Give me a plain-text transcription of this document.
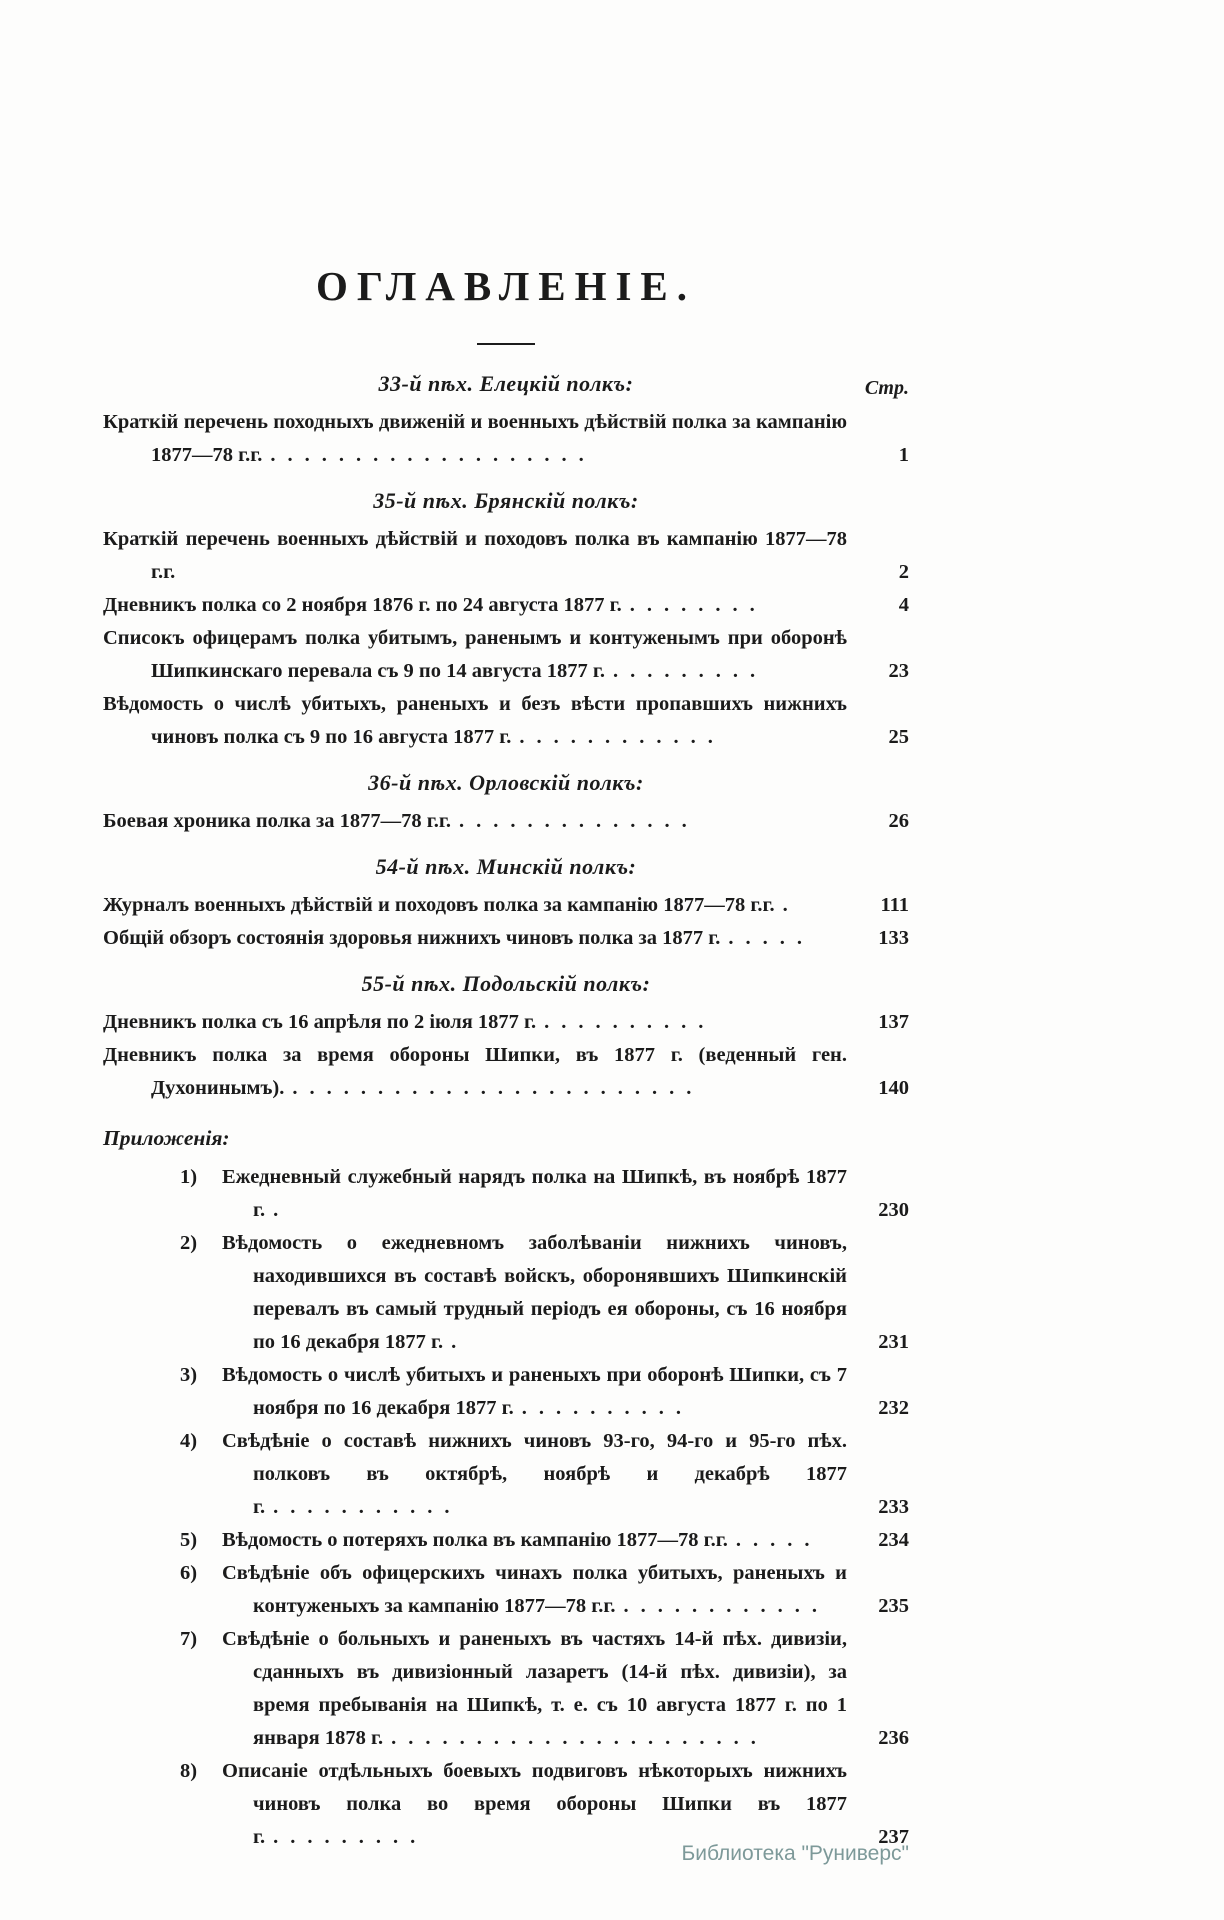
ОГЛАВЛЕНІЕ.
Стр.
33-й пѣх. Елецкій полкъ:
Краткій перечень походныхъ движеній и военныхъ дѣйствій полка за кампанію 1877—78 г.г. ...................	1
35-й пѣх. Брянскій полкъ:
Краткій перечень военныхъ дѣйствій и походовъ полка въ кампанію 1877—78 г.г.	2
Дневникъ полка со 2 ноября 1876 г. по 24 августа 1877 г. ........	4
Списокъ офицерамъ полка убитымъ, раненымъ и контуженымъ при оборонѣ Шипкинскаго перевала съ 9 по 14 августа 1877 г. .........	23
Вѣдомость о числѣ убитыхъ, раненыхъ и безъ вѣсти пропавшихъ нижнихъ чиновъ полка съ 9 по 16 августа 1877 г. ............	25
36-й пѣх. Орловскій полкъ:
Боевая хроника полка за 1877—78 г.г. ..............	26
54-й пѣх. Минскій полкъ:
Журналъ военныхъ дѣйствій и походовъ полка за кампанію 1877—78 г.г. .	111
Общій обзоръ состоянія здоровья нижнихъ чиновъ полка за 1877 г. .....	133
55-й пѣх. Подольскій полкъ:
Дневникъ полка съ 16 апрѣля по 2 іюля 1877 г. ..........	137
Дневникъ полка за время обороны Шипки, въ 1877 г. (веденный ген. Духонинымъ). ........................	140
Приложенія:
1) Ежедневный служебный нарядъ полка на Шипкѣ, въ ноябрѣ 1877 г. .	230
2) Вѣдомость о ежедневномъ заболѣваніи нижнихъ чиновъ, находившихся въ составѣ войскъ, оборонявшихъ Шипкинскій перевалъ въ самый трудный періодъ ея обороны, съ 16 ноября по 16 декабря 1877 г. .	231
3) Вѣдомость о числѣ убитыхъ и раненыхъ при оборонѣ Шипки, съ 7 ноября по 16 декабря 1877 г. ..........	232
4) Свѣдѣніе о составѣ нижнихъ чиновъ 93-го, 94-го и 95-го пѣх. полковъ въ октябрѣ, ноябрѣ и декабрѣ 1877 г. ...........	233
5) Вѣдомость о потеряхъ полка въ кампанію 1877—78 г.г. .....	234
6) Свѣдѣніе объ офицерскихъ чинахъ полка убитыхъ, раненыхъ и контуженыхъ за кампанію 1877—78 г.г. ............ 235
7) Свѣдѣніе о больныхъ и раненыхъ въ частяхъ 14-й пѣх. дивизіи, сданныхъ въ дивизіонный лазаретъ (14-й пѣх. дивизіи), за время пребыванія на Шипкѣ, т. е. съ 10 августа 1877 г. по 1 января 1878 г. ......................	236
8) Описаніе отдѣльныхъ боевыхъ подвиговъ нѣкоторыхъ нижнихъ чиновъ полка во время обороны Шипки въ 1877 г. .........	237
Библиотека "Руниверс"
